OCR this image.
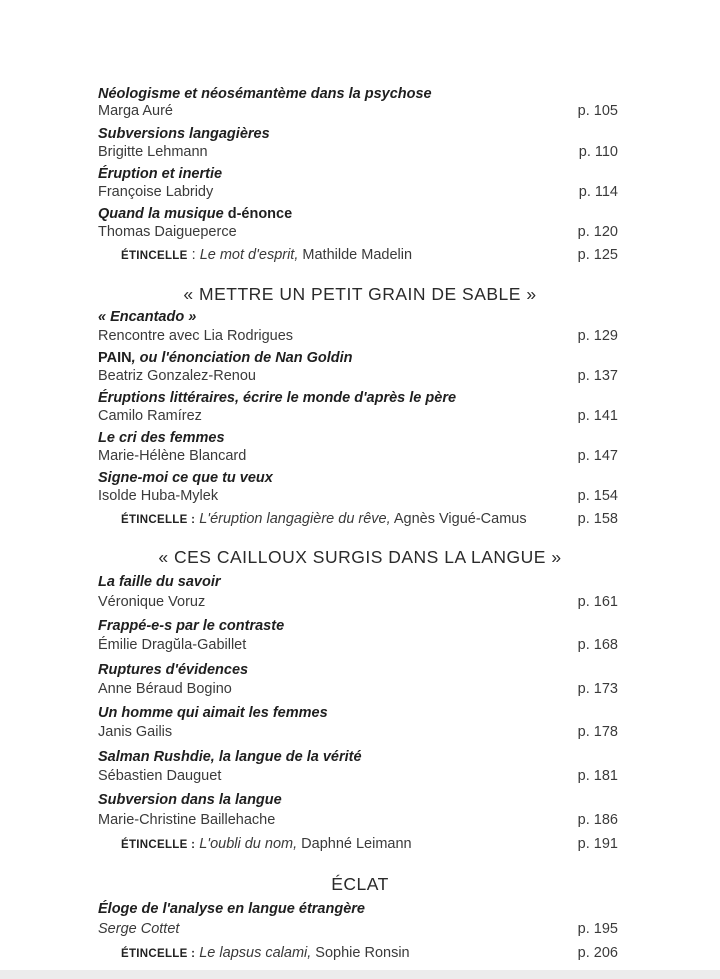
Néologisme et néosémantème dans la psychose
Marga Auré	p. 105
Subversions langagières
Brigitte Lehmann	p. 110
Éruption et inertie
Françoise Labridy	p. 114
Quand la musique d-énonce
Thomas Daigueperce	p. 120
ÉTINCELLE : Le mot d'esprit, Mathilde Madelin	p. 125
« METTRE UN PETIT GRAIN DE SABLE »
« Encantado »
Rencontre avec Lia Rodrigues	p. 129
PAIN, ou l'énonciation de Nan Goldin
Beatriz Gonzalez-Renou	p. 137
Éruptions littéraires, écrire le monde d'après le père
Camilo Ramírez	p. 141
Le cri des femmes
Marie-Hélène Blancard	p. 147
Signe-moi ce que tu veux
Isolde Huba-Mylek	p. 154
ÉTINCELLE : L'éruption langagière du rêve, Agnès Vigué-Camus	p. 158
« CES CAILLOUX SURGIS DANS LA LANGUE »
La faille du savoir
Véronique Voruz	p. 161
Frappé-e-s par le contraste
Émilie Dragŭla-Gabillet	p. 168
Ruptures d'évidences
Anne Béraud Bogino	p. 173
Un homme qui aimait les femmes
Janis Gailis	p. 178
Salman Rushdie, la langue de la vérité
Sébastien Dauguet	p. 181
Subversion dans la langue
Marie-Christine Baillehache	p. 186
ÉTINCELLE : L'oubli du nom, Daphné Leimann	p. 191
ÉCLAT
Éloge de l'analyse en langue étrangère
Serge Cottet	p. 195
ÉTINCELLE : Le lapsus calami, Sophie Ronsin	p. 206
